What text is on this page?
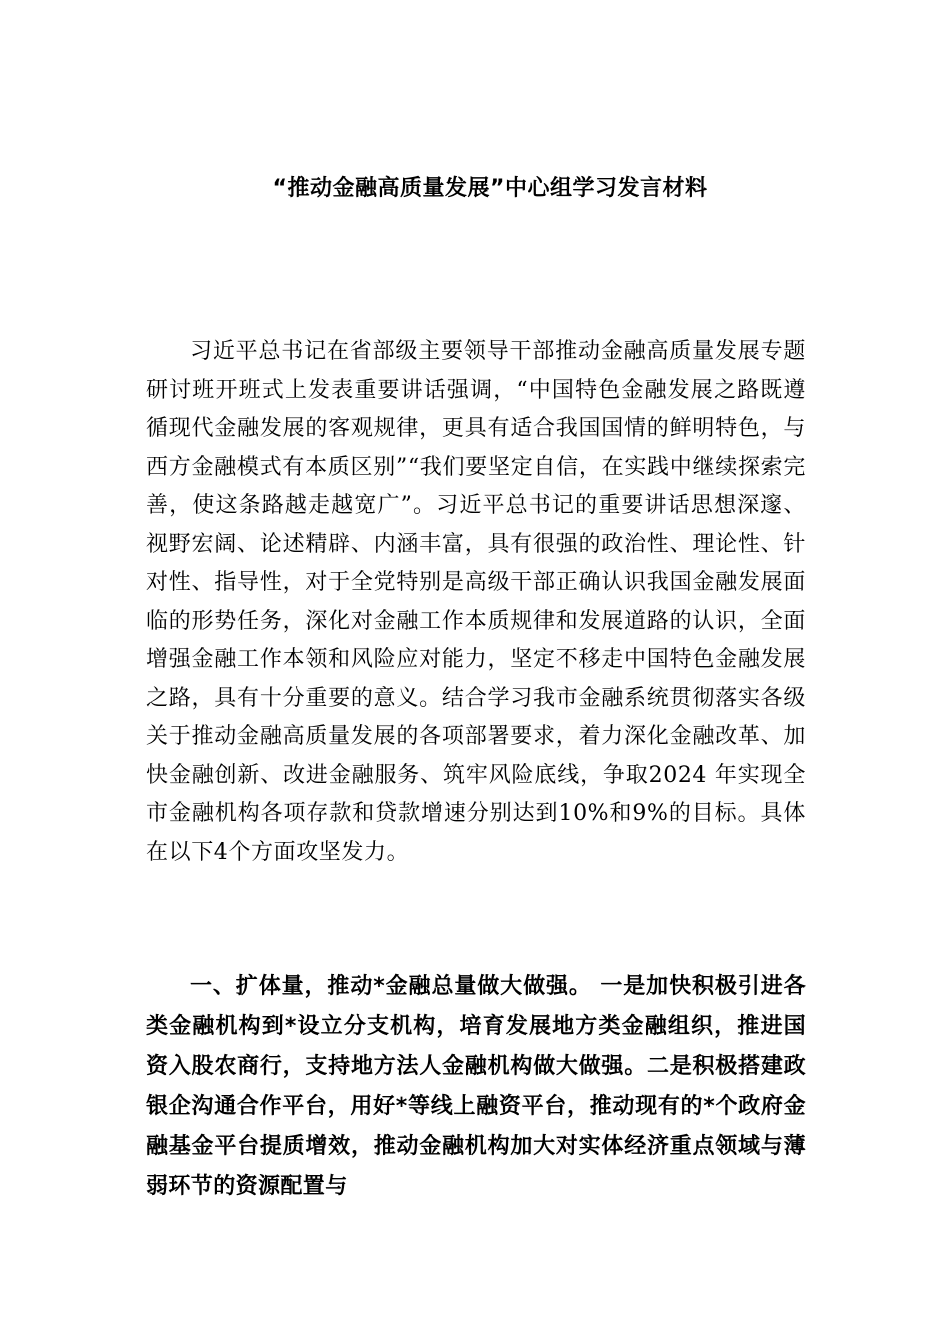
“推动金融高质量发展”中心组学习发言材料

习近平总书记在省部级主要领导干部推动金融高质量发展专题研讨班开班式上发表重要讲话强调，“中国特色金融发展之路既遵循现代金融发展的客观规律，更具有适合我国国情的鲜明特色，与西方金融模式有本质区别”“我们要坚定自信，在实践中继续探索完善，使这条路越走越宽广”。习近平总书记的重要讲话思想深邃、视野宏阔、论述精辟、内涵丰富，具有很强的政治性、理论性、针对性、指导性，对于全党特别是高级干部正确认识我国金融发展面临的形势任务，深化对金融工作本质规律和发展道路的认识，全面增强金融工作本领和风险应对能力，坚定不移走中国特色金融发展之路，具有十分重要的意义。结合学习我市金融系统贯彻落实各级关于推动金融高质量发展的各项部署要求，着力深化金融改革、加快金融创新、改进金融服务、筑牢风险底线，争取2024 年实现全市金融机构各项存款和贷款增速分别达到10%和9%的目标。具体在以下4个方面攻坚发力。

一、扩体量，推动*金融总量做大做强。 一是加快积极引进各类金融机构到*设立分支机构，培育发展地方类金融组织，推进国资入股农商行，支持地方法人金融机构做大做强。二是积极搭建政银企沟通合作平台，用好*等线上融资平台，推动现有的*个政府金融基金平台提质增效，推动金融机构加大对实体经济重点领域与薄弱环节的资源配置与
